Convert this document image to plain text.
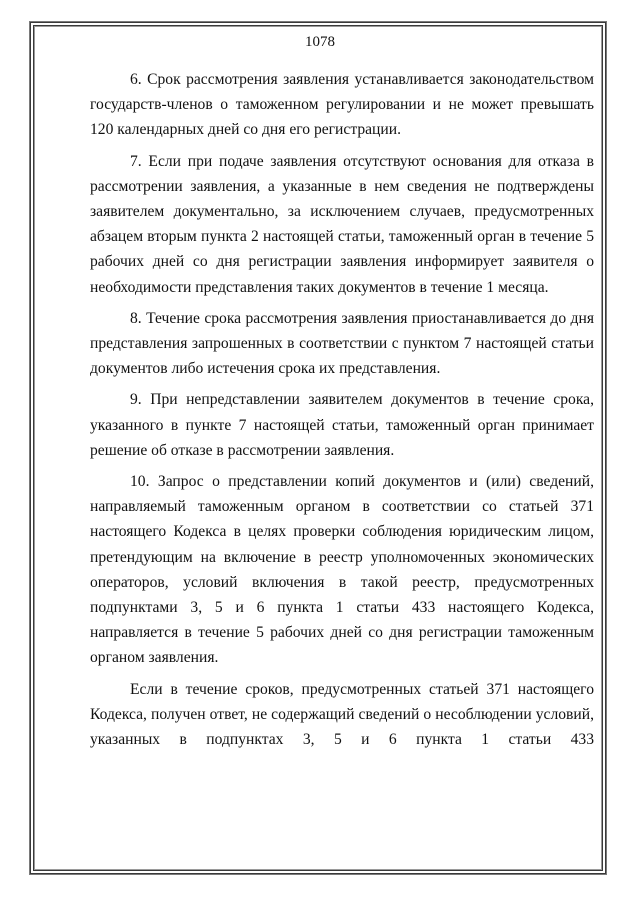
1078

6. Срок рассмотрения заявления устанавливается законодательством государств-членов о таможенном регулировании и не может превышать 120 календарных дней со дня его регистрации.

7. Если при подаче заявления отсутствуют основания для отказа в рассмотрении заявления, а указанные в нем сведения не подтверждены заявителем документально, за исключением случаев, предусмотренных абзацем вторым пункта 2 настоящей статьи, таможенный орган в течение 5 рабочих дней со дня регистрации заявления информирует заявителя о необходимости представления таких документов в течение 1 месяца.

8. Течение срока рассмотрения заявления приостанавливается до дня представления запрошенных в соответствии с пунктом 7 настоящей статьи документов либо истечения срока их представления.

9. При непредставлении заявителем документов в течение срока, указанного в пункте 7 настоящей статьи, таможенный орган принимает решение об отказе в рассмотрении заявления.

10. Запрос о представлении копий документов и (или) сведений, направляемый таможенным органом в соответствии со статьей 371 настоящего Кодекса в целях проверки соблюдения юридическим лицом, претендующим на включение в реестр уполномоченных экономических операторов, условий включения в такой реестр, предусмотренных подпунктами 3, 5 и 6 пункта 1 статьи 433 настоящего Кодекса, направляется в течение 5 рабочих дней со дня регистрации таможенным органом заявления.

Если в течение сроков, предусмотренных статьей 371 настоящего Кодекса, получен ответ, не содержащий сведений о несоблюдении условий, указанных в подпунктах 3, 5 и 6 пункта 1 статьи 433
